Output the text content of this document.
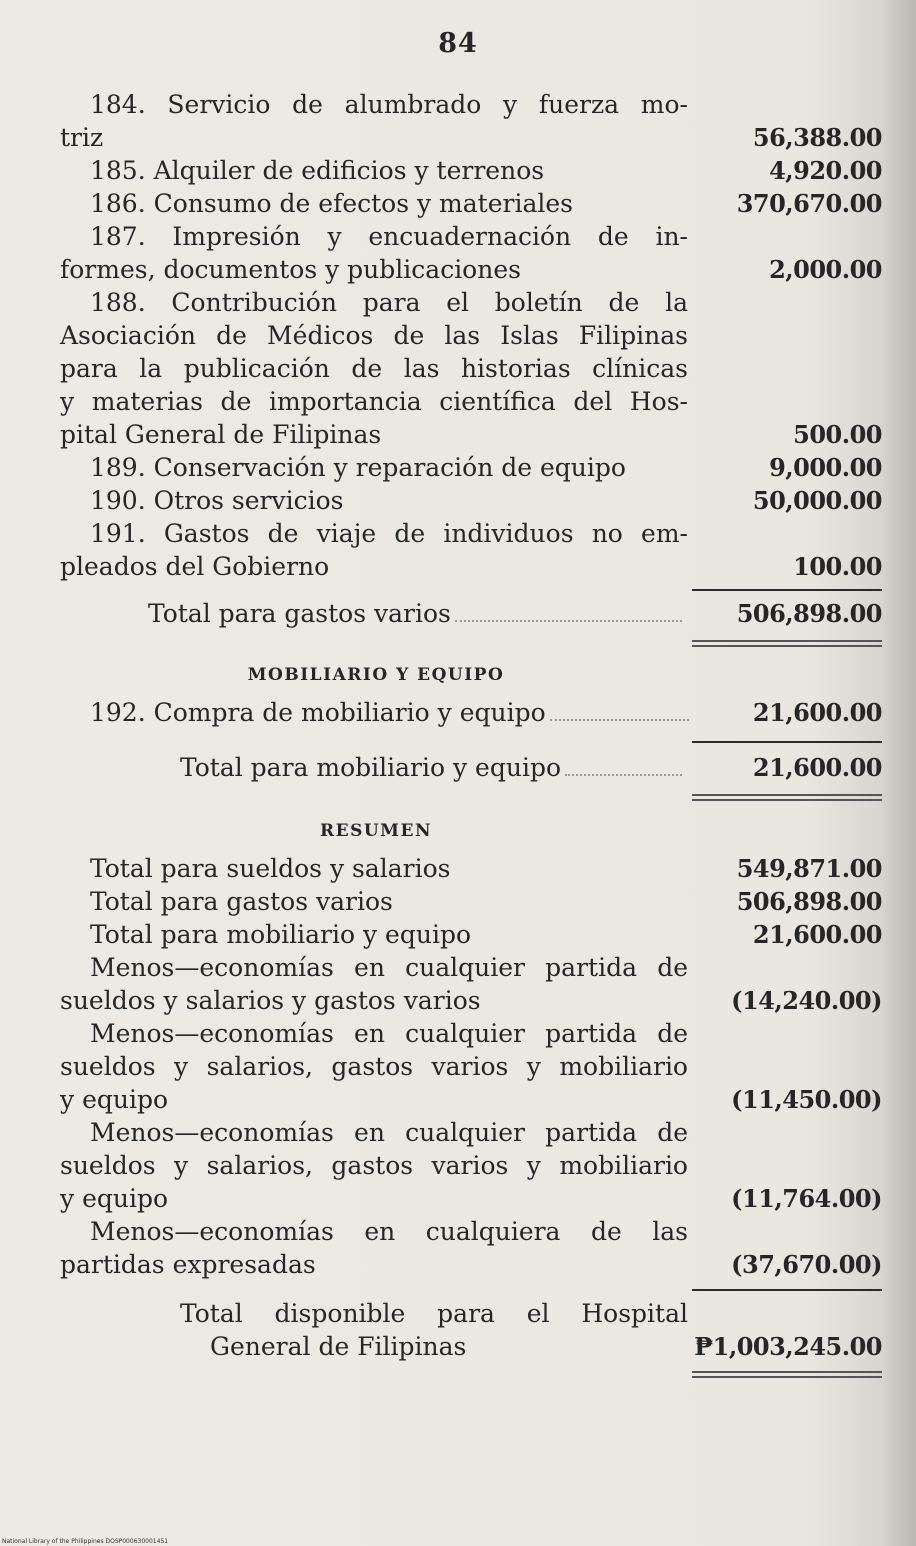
84
184. Servicio de alumbrado y fuerza mo-
triz	56,388.00
185. Alquiler de edificios y terrenos	4,920.00
186. Consumo de efectos y materiales	370,670.00
187. Impresión y encuadernación de in-
formes, documentos y publicaciones	2,000.00
188. Contribución para el boletín de la
Asociación de Médicos de las Islas Filipinas
para la publicación de las historias clínicas
y materias de importancia científica del Hos-
pital General de Filipinas	500.00
189. Conservación y reparación de equipo	9,000.00
190. Otros servicios	50,000.00
191. Gastos de viaje de individuos no em-
pleados del Gobierno	100.00
Total para gastos varios	506,898.00
MOBILIARIO Y EQUIPO
192. Compra de mobiliario y equipo	21,600.00
Total para mobiliario y equipo	21,600.00
RESUMEN
Total para sueldos y salarios	549,871.00
Total para gastos varios	506,898.00
Total para mobiliario y equipo	21,600.00
Menos—economías en cualquier partida de
sueldos y salarios y gastos varios	(14,240.00)
Menos—economías en cualquier partida de
sueldos y salarios, gastos varios y mobiliario
y equipo	(11,450.00)
Menos—economías en cualquier partida de
sueldos y salarios, gastos varios y mobiliario
y equipo	(11,764.00)
Menos—economías en cualquiera de las
partidas expresadas	(37,670.00)
Total disponible para el Hospital
General de Filipinas	₱1,003,245.00
National Library of the Philippines DOSP000630001451
